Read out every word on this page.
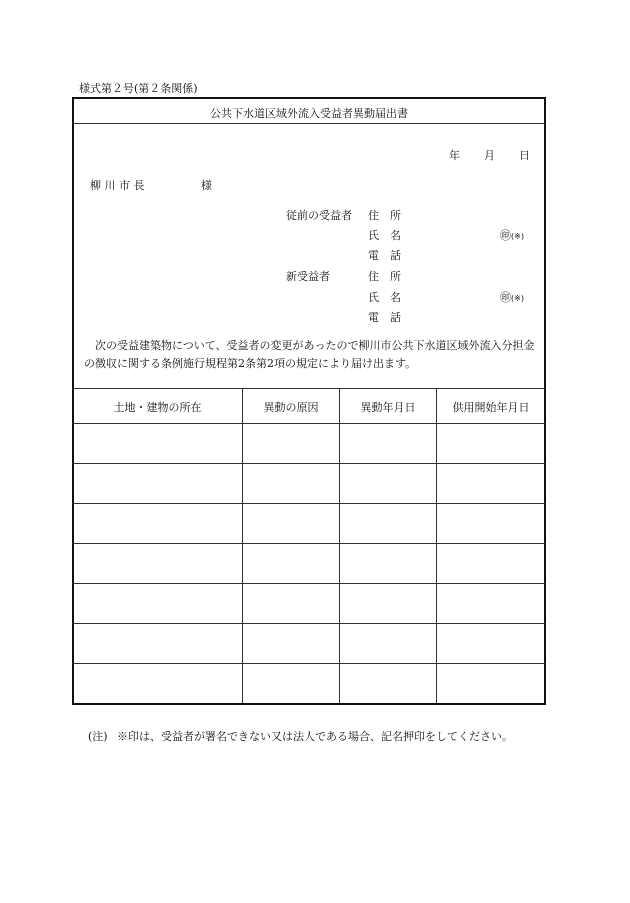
様式第２号(第２条関係)
公共下水道区域外流入受益者異動届出書
年 月 日
柳 川 市 長	様
従前の受益者 住　所
氏　名	㊞(※)
電　話
新受益者	住　所
氏　名	㊞(※)
電　話
　次の受益建築物について、受益者の変更があったので柳川市公共下水道区域外流入分担金の徴収に関する条例施行規程第2条第2項の規定により届け出ます。
土地・建物の所在	異動の原因	異動年月日	供用開始年月日
(注) ※印は、受益者が署名できない又は法人である場合、記名押印をしてください。
